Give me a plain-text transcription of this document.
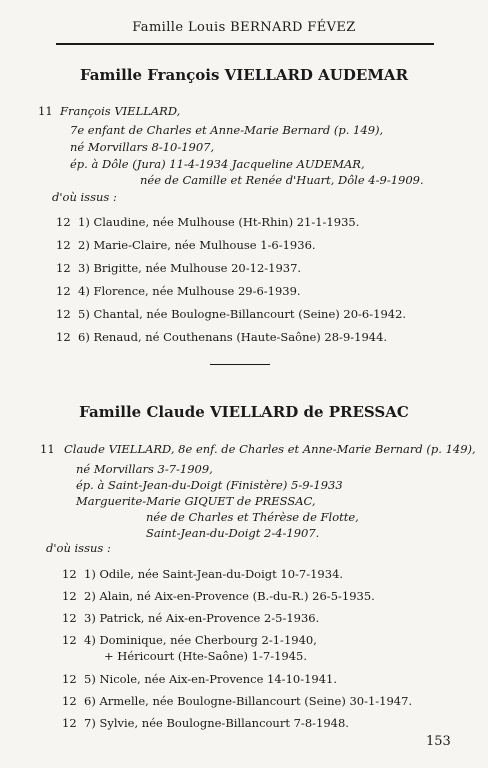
Famille Louis BERNARD FÉVEZ
Famille François VIELLARD AUDEMAR
11 François VIELLARD,
7e enfant de Charles et Anne-Marie Bernard (p. 149),
né Morvillars 8-10-1907,
ép. à Dôle (Jura) 11-4-1934 Jacqueline AUDEMAR,
née de Camille et Renée d'Huart, Dôle 4-9-1909.
d'où issus :
12 1) Claudine, née Mulhouse (Ht-Rhin) 21-1-1935.
12 2) Marie-Claire, née Mulhouse 1-6-1936.
12 3) Brigitte, née Mulhouse 20-12-1937.
12 4) Florence, née Mulhouse 29-6-1939.
12 5) Chantal, née Boulogne-Billancourt (Seine) 20-6-1942.
12 6) Renaud, né Couthenans (Haute-Saône) 28-9-1944.
Famille Claude VIELLARD de PRESSAC
11 Claude VIELLARD, 8e enf. de Charles et Anne-Marie Bernard (p. 149),
né Morvillars 3-7-1909,
ép. à Saint-Jean-du-Doigt (Finistère) 5-9-1933
Marguerite-Marie GIQUET de PRESSAC,
née de Charles et Thérèse de Flotte,
Saint-Jean-du-Doigt 2-4-1907.
d'où issus :
12 1) Odile, née Saint-Jean-du-Doigt 10-7-1934.
12 2) Alain, né Aix-en-Provence (B.-du-R.) 26-5-1935.
12 3) Patrick, né Aix-en-Provence 2-5-1936.
12 4) Dominique, née Cherbourg 2-1-1940,
+ Héricourt (Hte-Saône) 1-7-1945.
12 5) Nicole, née Aix-en-Provence 14-10-1941.
12 6) Armelle, née Boulogne-Billancourt (Seine) 30-1-1947.
12 7) Sylvie, née Boulogne-Billancourt 7-8-1948.
153
